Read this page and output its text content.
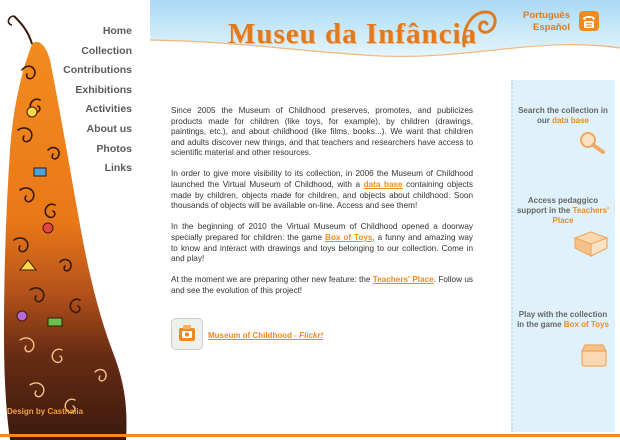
Museu da Infância
Português
Español
Design by Casthalia
Home
Collection
Contributions
Exhibitions
Activities
About us
Photos
Links

Since 2005 the Museum of Childhood preserves, promotes, and publicizes products made for children (like toys, for example), by children (drawings, paintings, etc.), and about childhood (like films, books...). We want that children and adults discover new things, and that teachers and researchers have access to scientific material and other resources.

In order to give more visibility to its collection, in 2006 the Museum of Childhood launched the Virtual Museum of Childhood, with a data base containing objects made by children, objects made for children, and objects about childhood. Soon thousands of objects will be available on-line. Access and see them!

In the beginning of 2010 the Virtual Museum of Childhood opened a doorway specially prepared for children: the game Box of Toys, a funny and amazing way to know and interact with drawings and toys belonging to our collection. Come in and play!

At the moment we are preparing other new feature: the Teachers' Place. Follow us and see the evolution of this project!

Museum of Childhood - Flickr!
Search the collection in our data base
Access pedaggico support in the Teachers' Place
Play with the collection in the game Box of Toys
